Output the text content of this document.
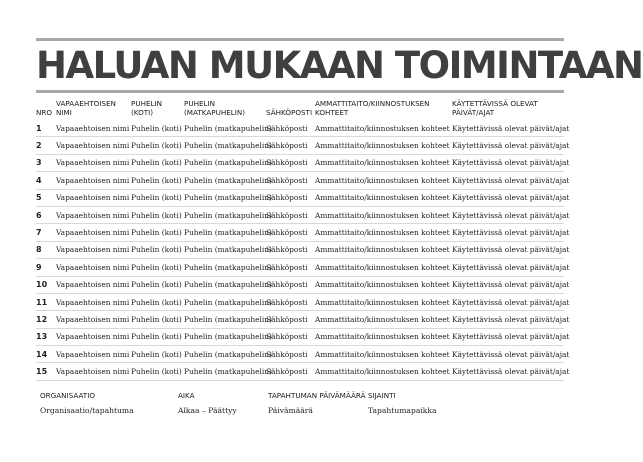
HALUAN MUKAAN TOIMINTAAN
NRO	VAPAAEHTOISEN NIMI	PUHELIN (KOTI)	PUHELIN (MATKAPUHELIN)	SÄHKÖPOSTI	AMMATTITAITO/KIINNOSTUKSEN KOHTEET	KÄYTETTÄVISSÄ OLEVAT PÄIVÄT/AJAT
1	Vapaaehtoisen nimi	Puhelin (koti)	Puhelin (matkapuhelin)	Sähköposti	Ammattitaito/kiinnostuksen kohteet	Käytettävissä olevat päivät/ajat
2	Vapaaehtoisen nimi	Puhelin (koti)	Puhelin (matkapuhelin)	Sähköposti	Ammattitaito/kiinnostuksen kohteet	Käytettävissä olevat päivät/ajat
3	Vapaaehtoisen nimi	Puhelin (koti)	Puhelin (matkapuhelin)	Sähköposti	Ammattitaito/kiinnostuksen kohteet	Käytettävissä olevat päivät/ajat
4	Vapaaehtoisen nimi	Puhelin (koti)	Puhelin (matkapuhelin)	Sähköposti	Ammattitaito/kiinnostuksen kohteet	Käytettävissä olevat päivät/ajat
5	Vapaaehtoisen nimi	Puhelin (koti)	Puhelin (matkapuhelin)	Sähköposti	Ammattitaito/kiinnostuksen kohteet	Käytettävissä olevat päivät/ajat
6	Vapaaehtoisen nimi	Puhelin (koti)	Puhelin (matkapuhelin)	Sähköposti	Ammattitaito/kiinnostuksen kohteet	Käytettävissä olevat päivät/ajat
7	Vapaaehtoisen nimi	Puhelin (koti)	Puhelin (matkapuhelin)	Sähköposti	Ammattitaito/kiinnostuksen kohteet	Käytettävissä olevat päivät/ajat
8	Vapaaehtoisen nimi	Puhelin (koti)	Puhelin (matkapuhelin)	Sähköposti	Ammattitaito/kiinnostuksen kohteet	Käytettävissä olevat päivät/ajat
9	Vapaaehtoisen nimi	Puhelin (koti)	Puhelin (matkapuhelin)	Sähköposti	Ammattitaito/kiinnostuksen kohteet	Käytettävissä olevat päivät/ajat
10	Vapaaehtoisen nimi	Puhelin (koti)	Puhelin (matkapuhelin)	Sähköposti	Ammattitaito/kiinnostuksen kohteet	Käytettävissä olevat päivät/ajat
11	Vapaaehtoisen nimi	Puhelin (koti)	Puhelin (matkapuhelin)	Sähköposti	Ammattitaito/kiinnostuksen kohteet	Käytettävissä olevat päivät/ajat
12	Vapaaehtoisen nimi	Puhelin (koti)	Puhelin (matkapuhelin)	Sähköposti	Ammattitaito/kiinnostuksen kohteet	Käytettävissä olevat päivät/ajat
13	Vapaaehtoisen nimi	Puhelin (koti)	Puhelin (matkapuhelin)	Sähköposti	Ammattitaito/kiinnostuksen kohteet	Käytettävissä olevat päivät/ajat
14	Vapaaehtoisen nimi	Puhelin (koti)	Puhelin (matkapuhelin)	Sähköposti	Ammattitaito/kiinnostuksen kohteet	Käytettävissä olevat päivät/ajat
15	Vapaaehtoisen nimi	Puhelin (koti)	Puhelin (matkapuhelin)	Sähköposti	Ammattitaito/kiinnostuksen kohteet	Käytettävissä olevat päivät/ajat
ORGANISAATIO
Organisaatio/tapahtuma
AIKA
Alkaa – Päättyy
TAPAHTUMAN PÄIVÄMÄÄRÄ
Päivämäärä
SIJAINTI
Tapahtumapaikka
